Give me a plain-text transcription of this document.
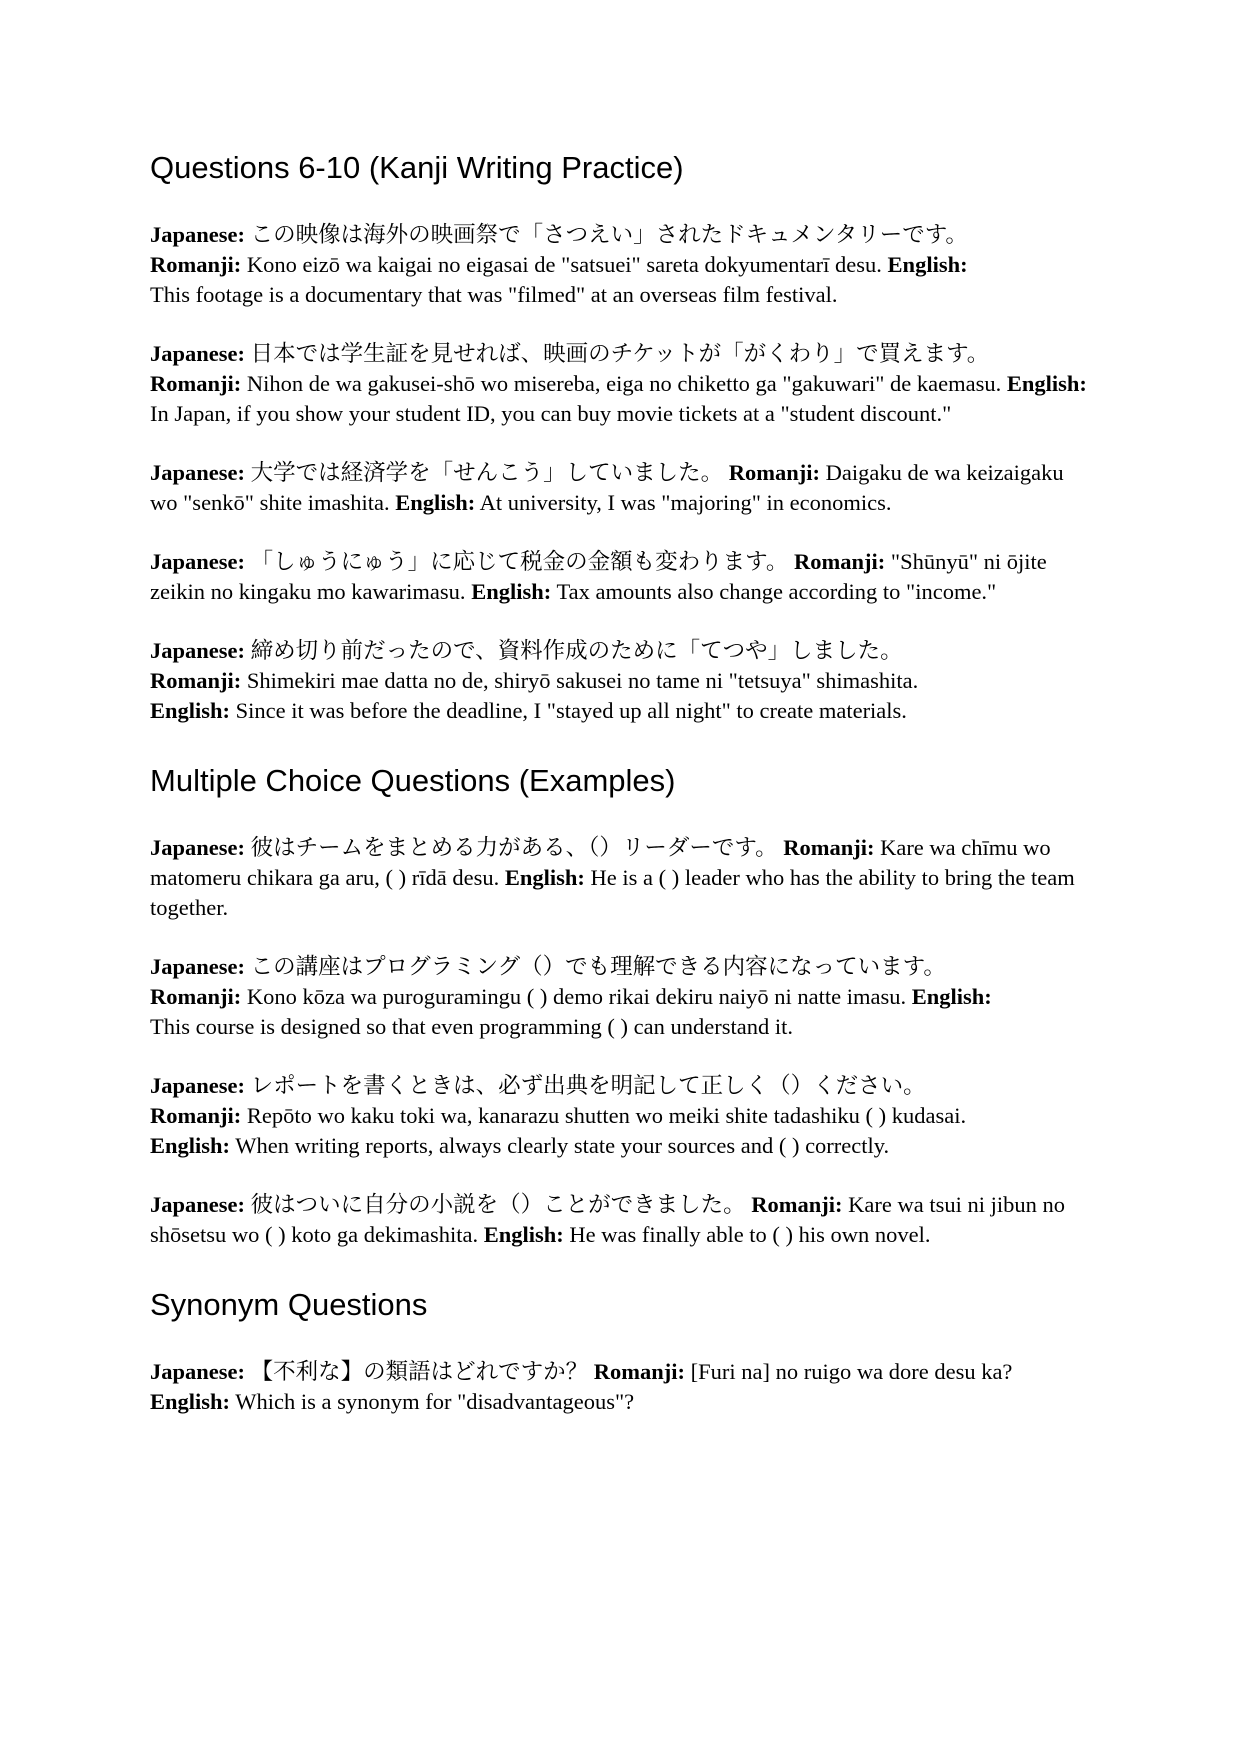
Questions 6-10 (Kanji Writing Practice)

Japanese: この映像は海外の映画祭で「さつえい」されたドキュメンタリーです。
Romanji: Kono eizō wa kaigai no eigasai de "satsuei" sareta dokyumentarī desu. English:
This footage is a documentary that was "filmed" at an overseas film festival.

Japanese: 日本では学生証を見せれば、映画のチケットが「がくわり」で買えます。
Romanji: Nihon de wa gakusei-shō wo misereba, eiga no chiketto ga "gakuwari" de kaemasu. English: In Japan, if you show your student ID, you can buy movie tickets at a "student discount."

Japanese: 大学では経済学を「せんこう」していました。 Romanji: Daigaku de wa keizaigaku wo "senkō" shite imashita. English: At university, I was "majoring" in economics.

Japanese: 「しゅうにゅう」に応じて税金の金額も変わります。 Romanji: "Shūnyū" ni ōjite zeikin no kingaku mo kawarimasu. English: Tax amounts also change according to "income."

Japanese: 締め切り前だったので、資料作成のために「てつや」しました。
Romanji: Shimekiri mae datta no de, shiryō sakusei no tame ni "tetsuya" shimashita.
English: Since it was before the deadline, I "stayed up all night" to create materials.

Multiple Choice Questions (Examples)

Japanese: 彼はチームをまとめる力がある、（）リーダーです。 Romanji: Kare wa chīmu wo matomeru chikara ga aru, ( ) rīdā desu. English: He is a ( ) leader who has the ability to bring the team together.

Japanese: この講座はプログラミング（）でも理解できる内容になっています。
Romanji: Kono kōza wa puroguramingu ( ) demo rikai dekiru naiyō ni natte imasu. English:
This course is designed so that even programming ( ) can understand it.

Japanese: レポートを書くときは、必ず出典を明記して正しく（）ください。
Romanji: Repōto wo kaku toki wa, kanarazu shutten wo meiki shite tadashiku ( ) kudasai.
English: When writing reports, always clearly state your sources and ( ) correctly.

Japanese: 彼はついに自分の小説を（）ことができました。 Romanji: Kare wa tsui ni jibun no shōsetsu wo ( ) koto ga dekimashita. English: He was finally able to ( ) his own novel.

Synonym Questions

Japanese: 【不利な】の類語はどれですか？ Romanji: [Furi na] no ruigo wa dore desu ka? English: Which is a synonym for "disadvantageous"?
